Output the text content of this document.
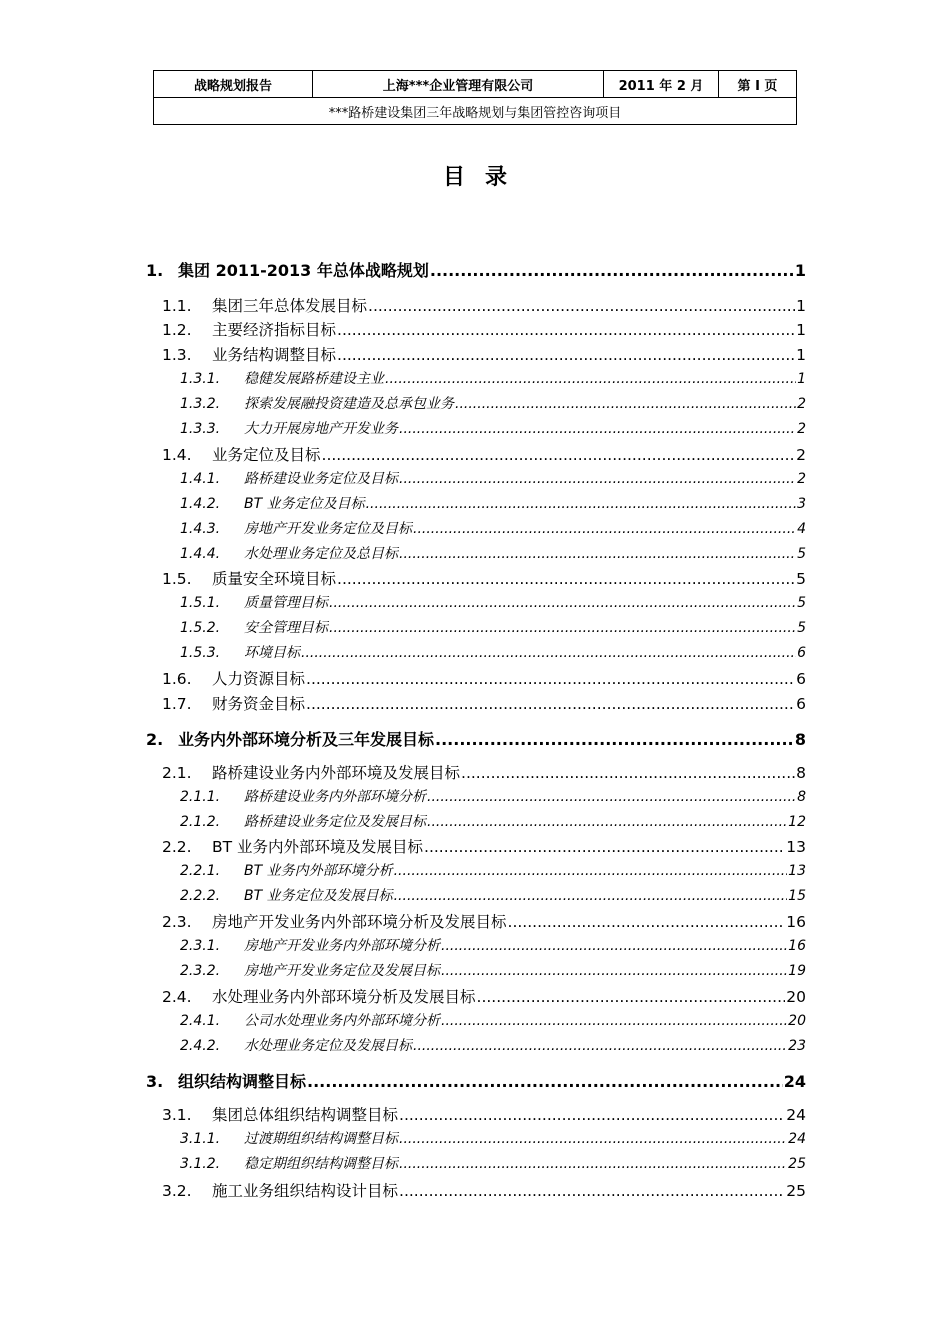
战略规划报告	上海***企业管理有限公司	2011 年 2 月	第 I 页
***路桥建设集团三年战略规划与集团管控咨询项目
目录
1. 集团 2011-2013 年总体战略规划 .....	1
1.1.	集团三年总体发展目标 .....	1
1.2.	主要经济指标目标 .....	1
1.3.	业务结构调整目标 .....	1
1.3.1.	稳健发展路桥建设主业 .....	1
1.3.2.	探索发展融投资建造及总承包业务 .....	2
1.3.3.	大力开展房地产开发业务 .....	2
1.4.	业务定位及目标 .....	2
1.4.1.	路桥建设业务定位及目标 .....	2
1.4.2.	BT 业务定位及目标 .....	3
1.4.3.	房地产开发业务定位及目标 .....	4
1.4.4.	水处理业务定位及总目标 .....	5
1.5.	质量安全环境目标 .....	5
1.5.1.	质量管理目标 .....	5
1.5.2.	安全管理目标 .....	5
1.5.3.	环境目标 .....	6
1.6.	人力资源目标 .....	6
1.7.	财务资金目标 .....	6
2. 业务内外部环境分析及三年发展目标 .....	8
2.1.	路桥建设业务内外部环境及发展目标 .....	8
2.1.1.	路桥建设业务内外部环境分析 .....	8
2.1.2.	路桥建设业务定位及发展目标 .....	12
2.2.	BT 业务内外部环境及发展目标 .....	13
2.2.1.	BT 业务内外部环境分析 .....	13
2.2.2.	BT 业务定位及发展目标 .....	15
2.3.	房地产开发业务内外部环境分析及发展目标 .....	16
2.3.1.	房地产开发业务内外部环境分析 .....	16
2.3.2.	房地产开发业务定位及发展目标 .....	19
2.4.	水处理业务内外部环境分析及发展目标 .....	20
2.4.1.	公司水处理业务内外部环境分析 .....	20
2.4.2.	水处理业务定位及发展目标 .....	23
3. 组织结构调整目标 .....	24
3.1.	集团总体组织结构调整目标 .....	24
3.1.1.	过渡期组织结构调整目标 .....	24
3.1.2.	稳定期组织结构调整目标 .....	25
3.2.	施工业务组织结构设计目标 .....	25
